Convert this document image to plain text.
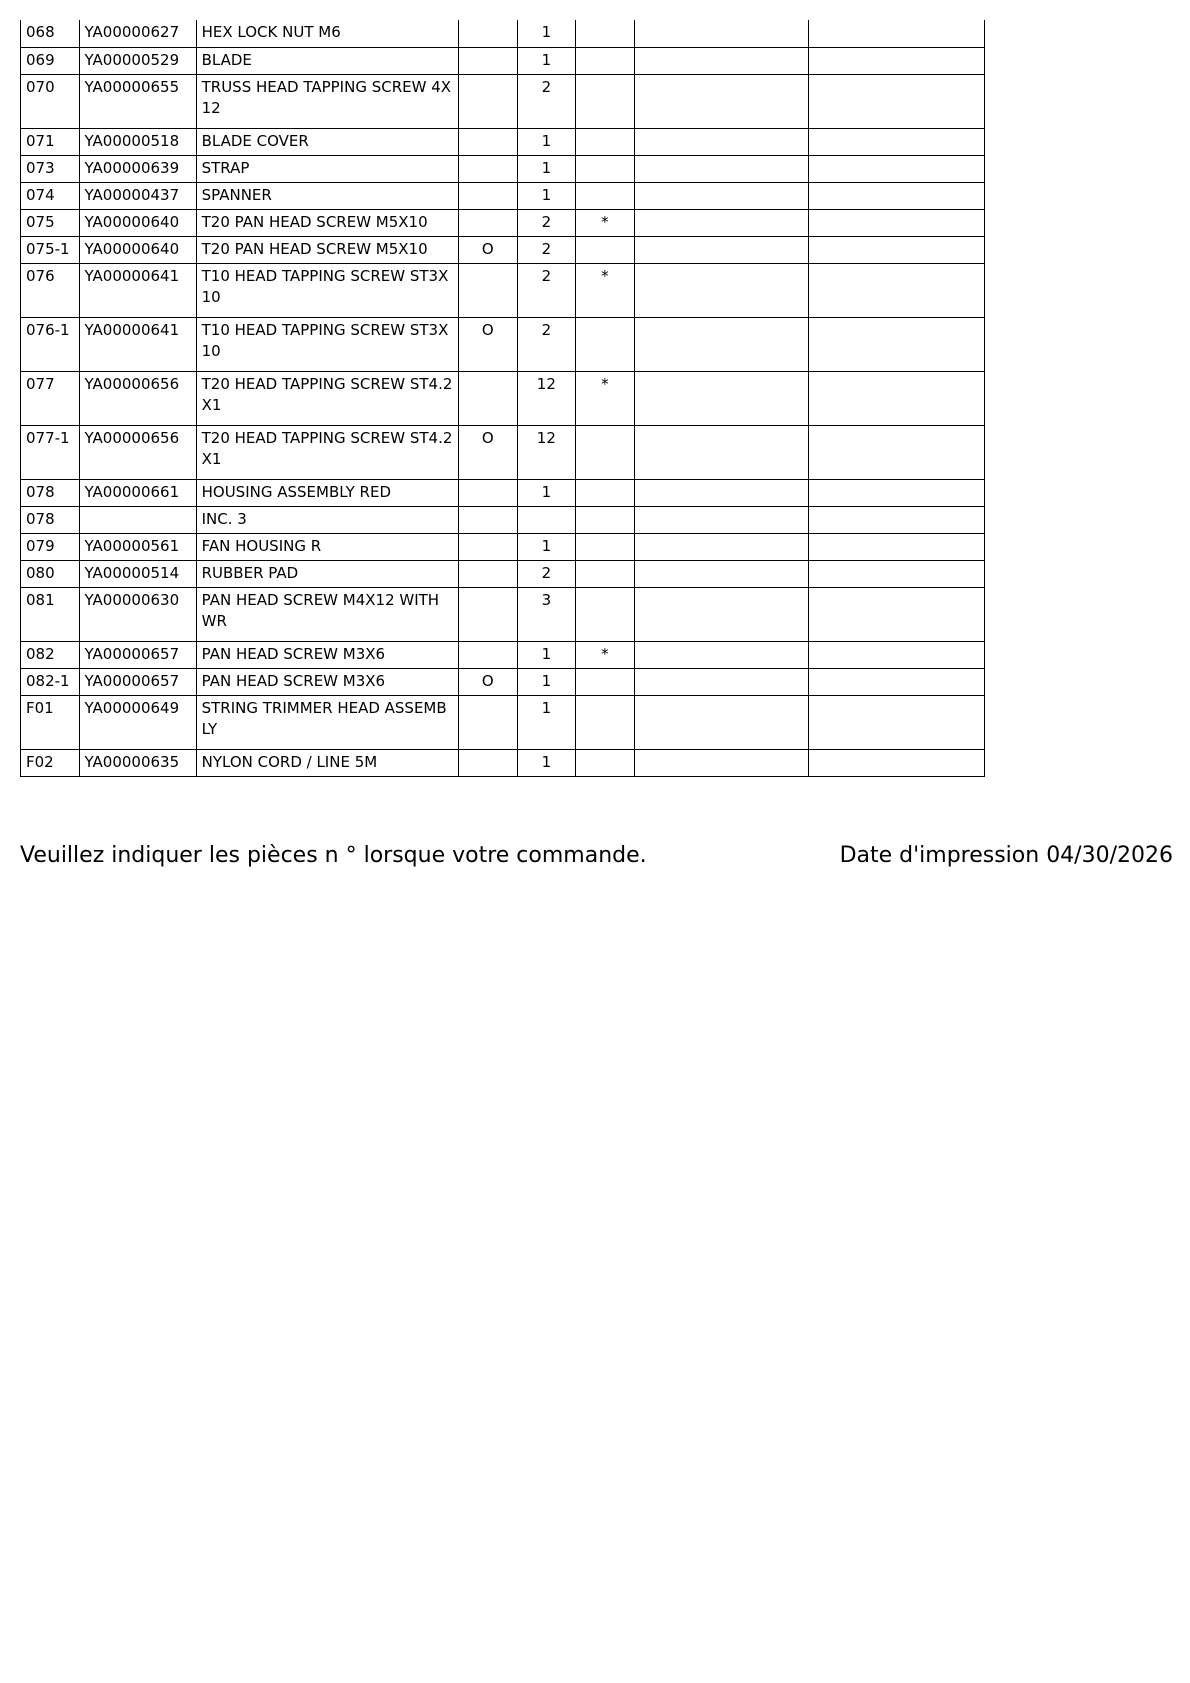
068	YA00000627	HEX LOCK NUT M6		1			
069	YA00000529	BLADE		1			
070	YA00000655	TRUSS HEAD TAPPING SCREW 4X12		2			
071	YA00000518	BLADE COVER		1			
073	YA00000639	STRAP		1			
074	YA00000437	SPANNER		1			
075	YA00000640	T20 PAN HEAD SCREW M5X10		2	*		
075-1	YA00000640	T20 PAN HEAD SCREW M5X10	O	2			
076	YA00000641	T10 HEAD TAPPING SCREW ST3X10		2	*		
076-1	YA00000641	T10 HEAD TAPPING SCREW ST3X10	O	2			
077	YA00000656	T20 HEAD TAPPING SCREW ST4.2X1		12	*		
077-1	YA00000656	T20 HEAD TAPPING SCREW ST4.2X1	O	12			
078	YA00000661	HOUSING ASSEMBLY RED		1			
078		INC. 3					
079	YA00000561	FAN HOUSING R		1			
080	YA00000514	RUBBER PAD		2			
081	YA00000630	PAN HEAD SCREW M4X12 WITH WR		3			
082	YA00000657	PAN HEAD SCREW M3X6		1	*		
082-1	YA00000657	PAN HEAD SCREW M3X6	O	1			
F01	YA00000649	STRING TRIMMER HEAD ASSEMBLY		1			
F02	YA00000635	NYLON CORD / LINE 5M		1			
Veuillez indiquer les pièces n ° lorsque votre commande.	Date d'impression 04/30/2026
